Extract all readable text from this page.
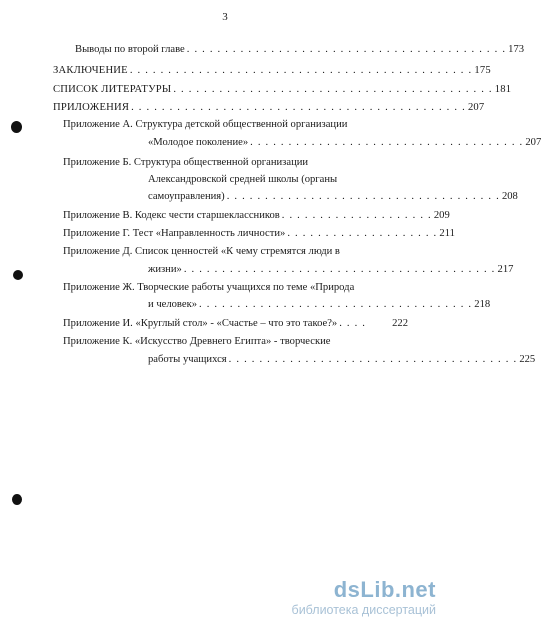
3
Выводы по второй главе . . . . . . . . . . . . . . . . . . . . . . . . . . . . . . . . . . . . . . . . . . 173
ЗАКЛЮЧЕНИЕ . . . . . . . . . . . . . . . . . . . . . . . . . . . . . . . . . . . . . . . . . . . . . 175
СПИСОК ЛИТЕРАТУРЫ . . . . . . . . . . . . . . . . . . . . . . . . . . . . . . . . . . . . . . . . . . 181
ПРИЛОЖЕНИЯ . . . . . . . . . . . . . . . . . . . . . . . . . . . . . . . . . . . . . . . . . . . . 207
Приложение А. Структура детской общественной организации
«Молодое поколение» . . . . . . . . . . . . . . . . . . . . . . . . . . . . . . . . . . . . 207
Приложение Б. Структура общественной организации
Александровской средней школы (органы
самоуправления) . . . . . . . . . . . . . . . . . . . . . . . . . . . . . . . . . . . . 208
Приложение В. Кодекс чести старшеклассников . . . . . . . . . . . . . . . . . . . . 209
Приложение Г. Тест «Направленность личности» . . . . . . . . . . . . . . . . . . . . 211
Приложение Д. Список ценностей «К чему стремятся люди в
жизни» . . . . . . . . . . . . . . . . . . . . . . . . . . . . . . . . . . . . . . . . . 217
Приложение Ж. Творческие работы учащихся по теме «Природа
и человек» . . . . . . . . . . . . . . . . . . . . . . . . . . . . . . . . . . . . 218
Приложение И. «Круглый стол» - «Счастье – что это такое?» . . . .	222
Приложение К. «Искусство Древнего Египта» - творческие
работы учащихся . . . . . . . . . . . . . . . . . . . . . . . . . . . . . . . . . . . . . . 225
dsLib.net
библиотека диссертаций
